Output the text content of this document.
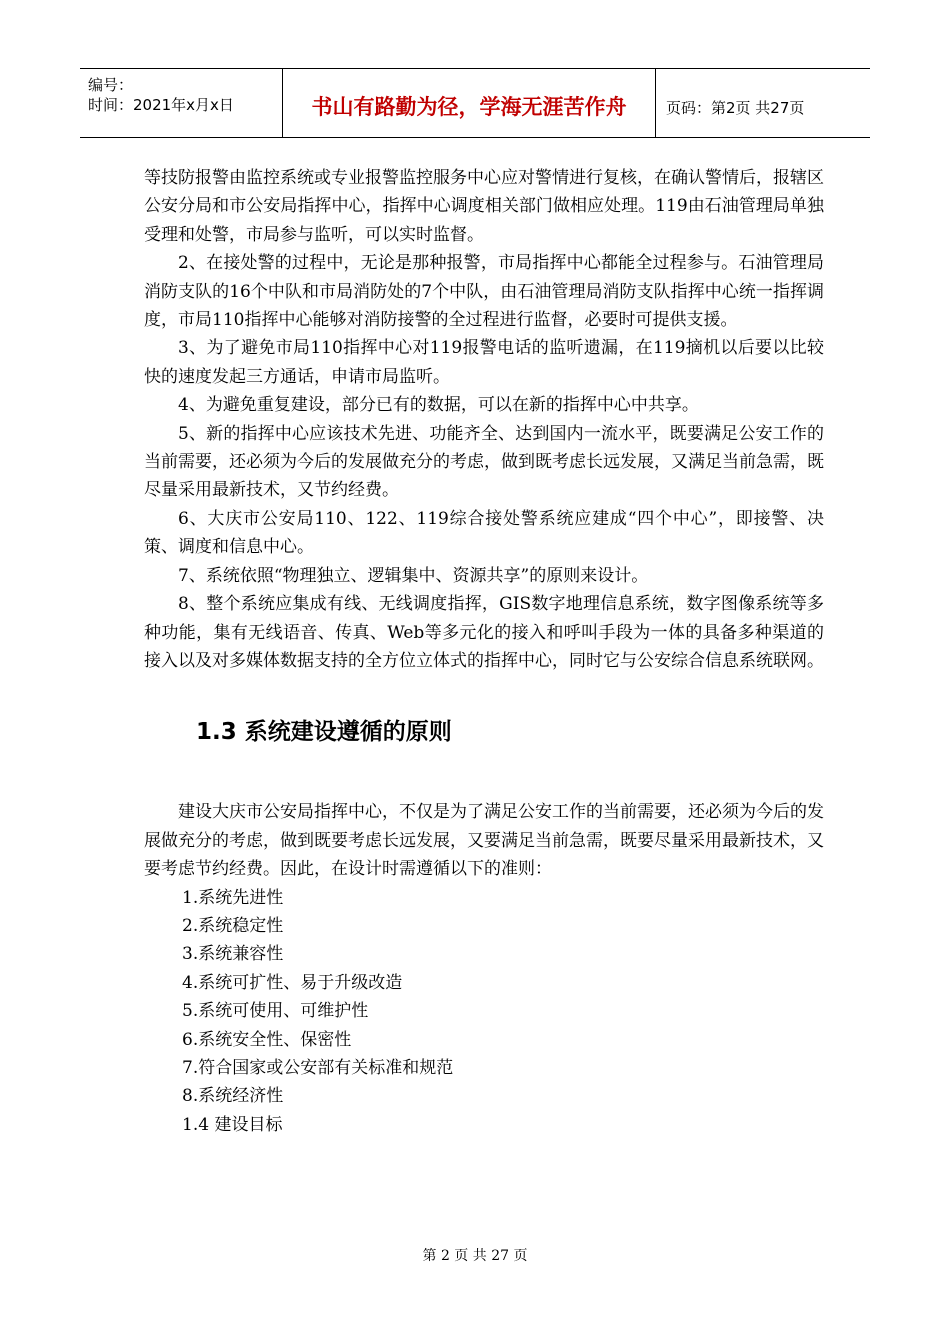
编号：
时间：2021年x月x日	书山有路勤为径，学海无涯苦作舟	页码：第2页 共27页

等技防报警由监控系统或专业报警监控服务中心应对警情进行复核，在确认警情后，报辖区公安分局和市公安局指挥中心，指挥中心调度相关部门做相应处理。119由石油管理局单独受理和处警，市局参与监听，可以实时监督。

2、在接处警的过程中，无论是那种报警，市局指挥中心都能全过程参与。石油管理局消防支队的16个中队和市局消防处的7个中队，由石油管理局消防支队指挥中心统一指挥调度，市局110指挥中心能够对消防接警的全过程进行监督，必要时可提供支援。

3、为了避免市局110指挥中心对119报警电话的监听遗漏，在119摘机以后要以比较快的速度发起三方通话，申请市局监听。

4、为避免重复建设，部分已有的数据，可以在新的指挥中心中共享。

5、新的指挥中心应该技术先进、功能齐全、达到国内一流水平，既要满足公安工作的当前需要，还必须为今后的发展做充分的考虑，做到既考虑长远发展，又满足当前急需，既尽量采用最新技术，又节约经费。

6、大庆市公安局110、122、119综合接处警系统应建成“四个中心”，即接警、决策、调度和信息中心。

7、系统依照“物理独立、逻辑集中、资源共享”的原则来设计。

8、整个系统应集成有线、无线调度指挥，GIS数字地理信息系统，数字图像系统等多种功能，集有无线语音、传真、Web等多元化的接入和呼叫手段为一体的具备多种渠道的接入以及对多媒体数据支持的全方位立体式的指挥中心，同时它与公安综合信息系统联网。

1.3 系统建设遵循的原则

建设大庆市公安局指挥中心，不仅是为了满足公安工作的当前需要，还必须为今后的发展做充分的考虑，做到既要考虑长远发展，又要满足当前急需，既要尽量采用最新技术，又要考虑节约经费。因此，在设计时需遵循以下的准则：

1.系统先进性
2.系统稳定性
3.系统兼容性
4.系统可扩性、易于升级改造
5.系统可使用、可维护性
6.系统安全性、保密性
7.符合国家或公安部有关标准和规范
8.系统经济性
1.4 建设目标
第 2 页 共 27 页
